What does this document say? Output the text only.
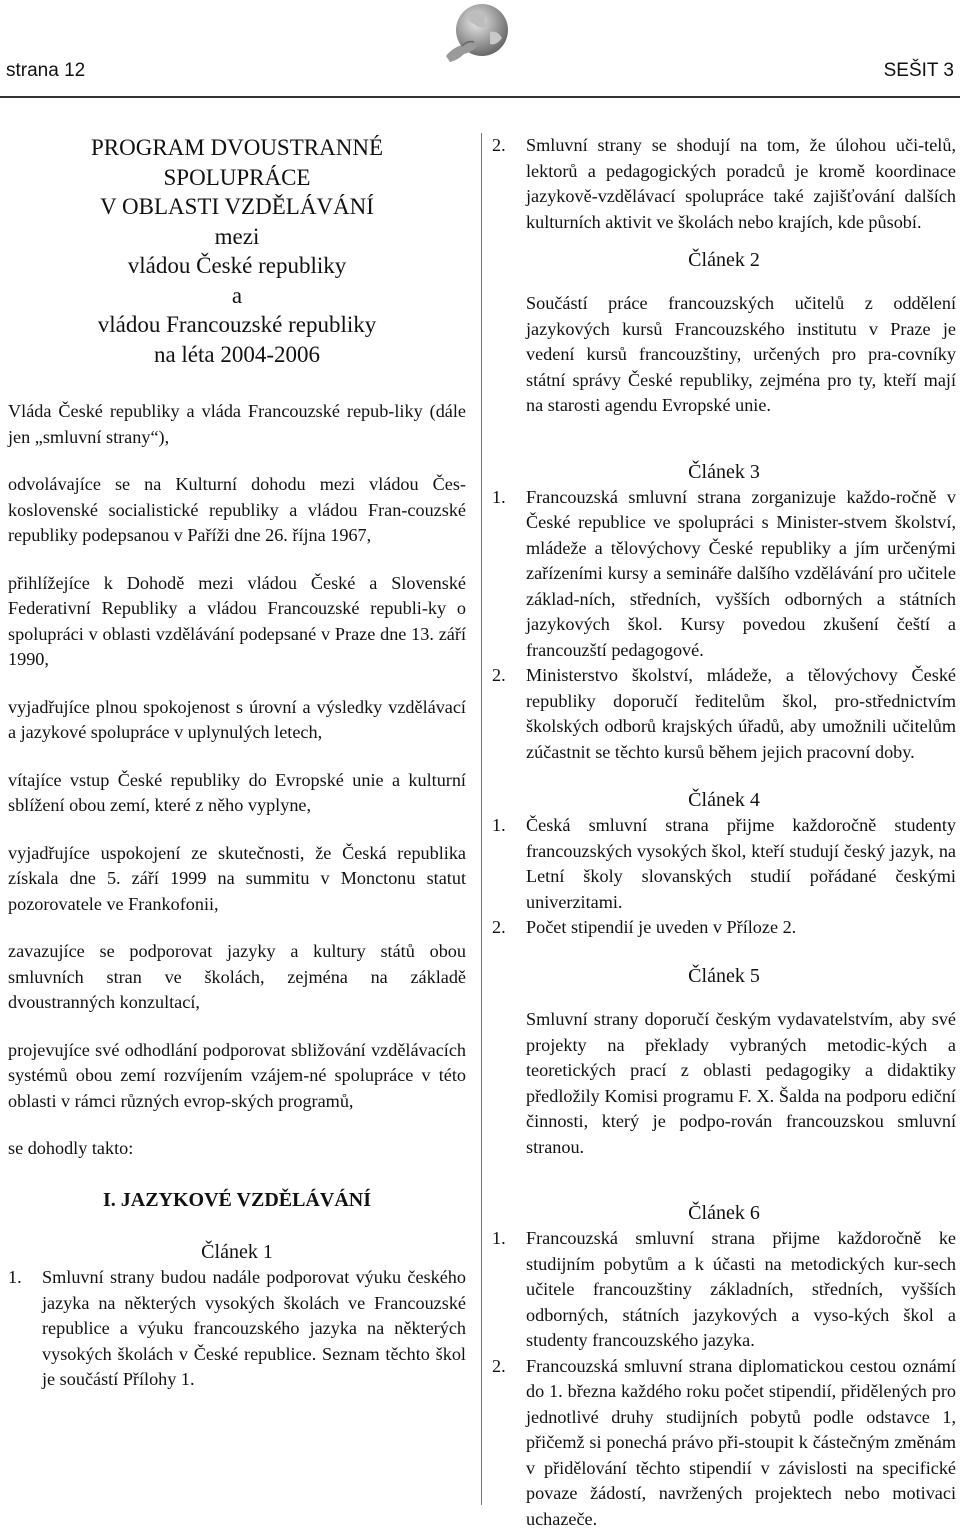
strana 12	SEŠIT 3

PROGRAM DVOUSTRANNÉ

SPOLUPRÁCE

V OBLASTI VZDĚLÁVÁNÍ

mezi

vládou České republiky

a

vládou Francouzské republiky

na léta 2004-2006

Vláda České republiky a vláda Francouzské repub-liky (dále jen „smluvní strany“),

odvolávajíce se na Kulturní dohodu mezi vládou Čes-koslovenské socialistické republiky a vládou Fran-couzské republiky podepsanou v Paříži dne 26. října 1967,

přihlížejíce k Dohodě mezi vládou České a Slovenské Federativní Republiky a vládou Francouzské republi-ky o spolupráci v oblasti vzdělávání podepsané v Praze dne 13. září 1990,

vyjadřujíce plnou spokojenost s úrovní a výsledky vzdělávací a jazykové spolupráce v uplynulých letech,

vítajíce vstup České republiky do Evropské unie a kulturní sblížení obou zemí, které z něho vyplyne,

vyjadřujíce uspokojení ze skutečnosti, že Česká republika získala dne 5. září 1999 na summitu v Monctonu statut pozorovatele ve Frankofonii,

zavazujíce se podporovat jazyky a kultury států obou smluvních stran ve školách, zejména na základě dvoustranných konzultací,

projevujíce své odhodlání podporovat sbližování vzdělávacích systémů obou zemí rozvíjením vzájem-né spolupráce v této oblasti v rámci různých evrop-ských programů,

se dohodly takto:

I. JAZYKOVÉ VZDĚLÁVÁNÍ

Článek 1

1.	Smluvní strany budou nadále podporovat výuku českého jazyka na některých vysokých školách ve Francouzské republice a výuku francouzského jazyka na některých vysokých školách v České republice. Seznam těchto škol je součástí Přílohy 1.
2.	Smluvní strany se shodují na tom, že úlohou uči-telů, lektorů a pedagogických poradců je kromě koordinace jazykově-vzdělávací spolupráce také zajišťování dalších kulturních aktivit ve školách nebo krajích, kde působí.

Článek 2

Součástí práce francouzských učitelů z oddělení jazykových kursů Francouzského institutu v Praze je vedení kursů francouzštiny, určených pro pra-covníky státní správy České republiky, zejména pro ty, kteří mají na starosti agendu Evropské unie.

Článek 3

1.	Francouzská smluvní strana zorganizuje každo-ročně v České republice ve spolupráci s Minister-stvem školství, mládeže a tělovýchovy České republiky a jím určenými zařízeními kursy a semináře dalšího vzdělávání pro učitele základ-ních, středních, vyšších odborných a státních jazykových škol. Kursy povedou zkušení čeští a francouzští pedagogové.
2.	Ministerstvo školství, mládeže, a tělovýchovy České republiky doporučí ředitelům škol, pro-střednictvím školských odborů krajských úřadů, aby umožnili učitelům zúčastnit se těchto kursů během jejich pracovní doby.

Článek 4

1.	Česká smluvní strana přijme každoročně studenty francouzských vysokých škol, kteří studují český jazyk, na Letní školy slovanských studií pořádané českými univerzitami.
2.	Počet stipendií je uveden v Příloze 2.

Článek 5

Smluvní strany doporučí českým vydavatelstvím, aby své projekty na překlady vybraných metodic-kých a teoretických prací z oblasti pedagogiky a didaktiky předložily Komisi programu F. X. Šalda na podporu ediční činnosti, který je podpo-rován francouzskou smluvní stranou.

Článek 6

1.	Francouzská smluvní strana přijme každoročně ke studijním pobytům a k účasti na metodických kur-sech učitele francouzštiny základních, středních, vyšších odborných, státních jazykových a vyso-kých škol a studenty francouzského jazyka.
2.	Francouzská smluvní strana diplomatickou cestou oznámí do 1. března každého roku počet stipendií, přidělených pro jednotlivé druhy studijních pobytů podle odstavce 1, přičemž si ponechá právo při-stoupit k částečným změnám v přidělování těchto stipendií v závislosti na specifické povaze žádostí, navržených projektech nebo motivaci uchazeče.
